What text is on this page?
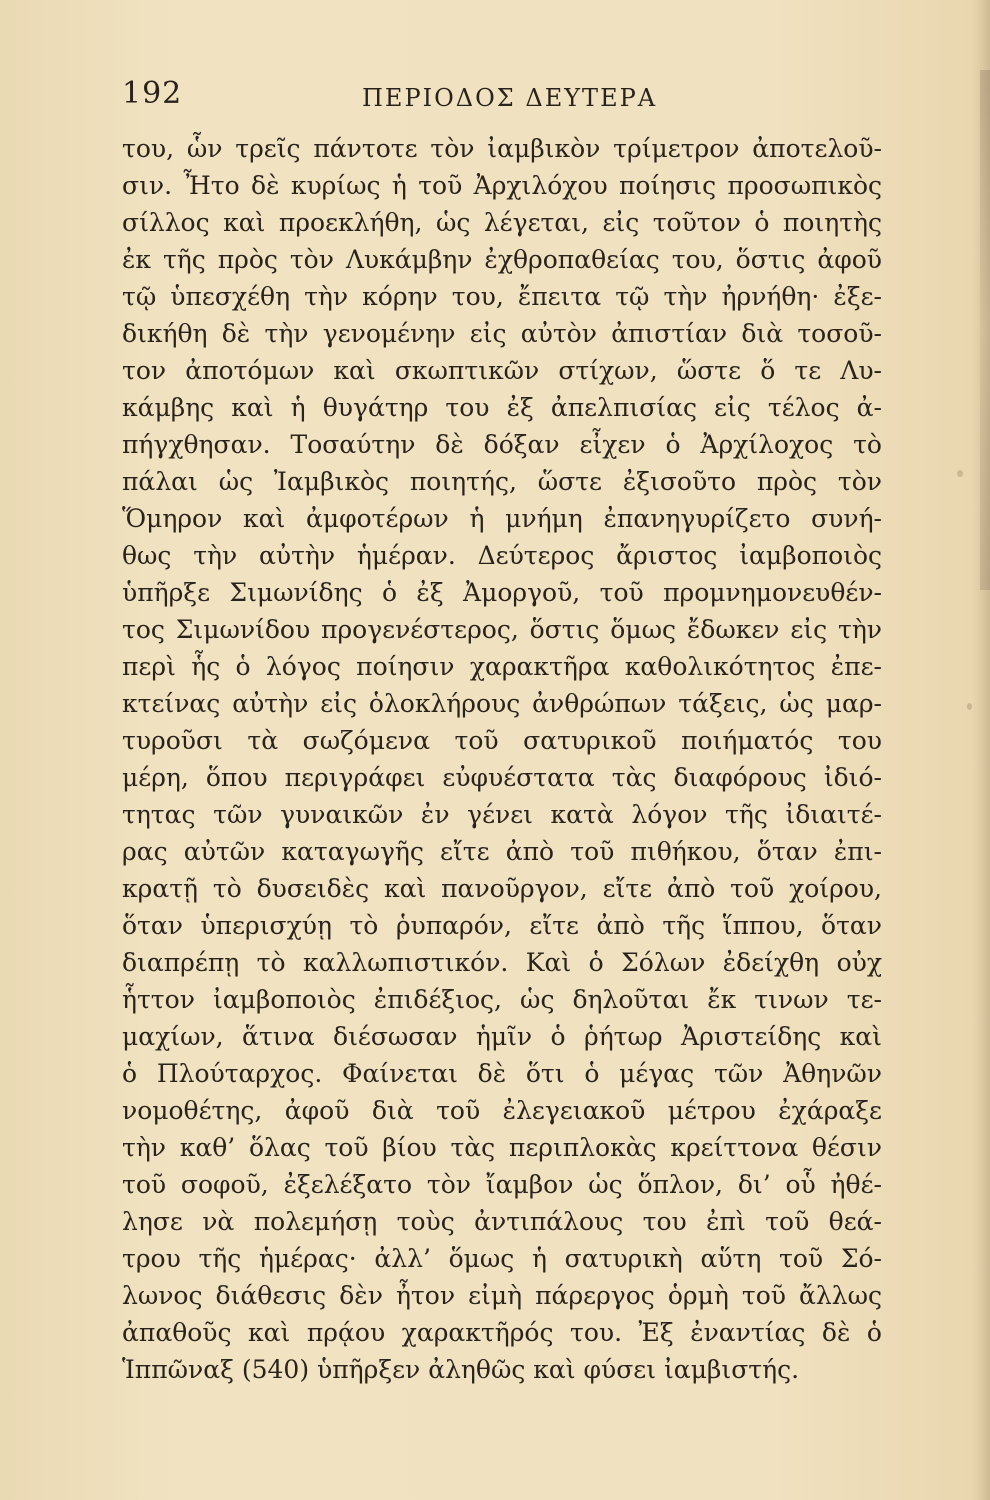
192	ΠΕΡΙΟΔΟΣ ΔΕΥΤΕΡΑ
του, ὧν τρεῖς πάντοτε τὸν ἰαμβικὸν τρίμετρον ἀποτελοῦ-
σιν. Ἦτο δὲ κυρίως ἡ τοῦ Ἀρχιλόχου ποίησις προσωπικὸς
σίλλος καὶ προεκλήθη, ὡς λέγεται, εἰς τοῦτον ὁ ποιητὴς
ἐκ τῆς πρὸς τὸν Λυκάμβην ἐχθροπαθείας του, ὅστις ἀφοῦ
τῷ ὑπεσχέθη τὴν κόρην του, ἔπειτα τῷ τὴν ἠρνήθη· ἐξε-
δικήθη δὲ τὴν γενομένην εἰς αὐτὸν ἀπιστίαν διὰ τοσοῦ-
τον ἀποτόμων καὶ σκωπτικῶν στίχων, ὥστε ὅ τε Λυ-
κάμβης καὶ ἡ θυγάτηρ του ἐξ ἀπελπισίας εἰς τέλος ἀ-
πήγχθησαν. Τοσαύτην δὲ δόξαν εἶχεν ὁ Ἀρχίλοχος τὸ
πάλαι ὡς Ἰαμβικὸς ποιητής, ὥστε ἐξισοῦτο πρὸς τὸν
Ὅμηρον καὶ ἀμφοτέρων ἡ μνήμη ἐπανηγυρίζετο συνή-
θως τὴν αὐτὴν ἡμέραν. Δεύτερος ἄριστος ἰαμβοποιὸς
ὑπῆρξε Σιμωνίδης ὁ ἐξ Ἀμοργοῦ, τοῦ προμνημονευθέν-
τος Σιμωνίδου προγενέστερος, ὅστις ὅμως ἔδωκεν εἰς τὴν
περὶ ἧς ὁ λόγος ποίησιν χαρακτῆρα καθολικότητος ἐπε-
κτείνας αὐτὴν εἰς ὁλοκλήρους ἀνθρώπων τάξεις, ὡς μαρ-
τυροῦσι τὰ σωζόμενα τοῦ σατυρικοῦ ποιήματός του
μέρη, ὅπου περιγράφει εὐφυέστατα τὰς διαφόρους ἰδιό-
τητας τῶν γυναικῶν ἐν γένει κατὰ λόγον τῆς ἰδιαιτέ-
ρας αὐτῶν καταγωγῆς εἴτε ἀπὸ τοῦ πιθήκου, ὅταν ἐπι-
κρατῇ τὸ δυσειδὲς καὶ πανοῦργον, εἴτε ἀπὸ τοῦ χοίρου,
ὅταν ὑπερισχύῃ τὸ ῥυπαρόν, εἴτε ἀπὸ τῆς ἵππου, ὅταν
διαπρέπῃ τὸ καλλωπιστικόν. Καὶ ὁ Σόλων ἐδείχθη οὐχ
ἧττον ἰαμβοποιὸς ἐπιδέξιος, ὡς δηλοῦται ἔκ τινων τε-
μαχίων, ἅτινα διέσωσαν ἡμῖν ὁ ῥήτωρ Ἀριστείδης καὶ
ὁ Πλούταρχος. Φαίνεται δὲ ὅτι ὁ μέγας τῶν Ἀθηνῶν
νομοθέτης, ἀφοῦ διὰ τοῦ ἐλεγειακοῦ μέτρου ἐχάραξε
τὴν καθ’ ὅλας τοῦ βίου τὰς περιπλοκὰς κρείττονα θέσιν
τοῦ σοφοῦ, ἐξελέξατο τὸν ἴαμβον ὡς ὅπλον, δι’ οὗ ἠθέ-
λησε νὰ πολεμήσῃ τοὺς ἀντιπάλους του ἐπὶ τοῦ θεά-
τρου τῆς ἡμέρας· ἀλλ’ ὅμως ἡ σατυρικὴ αὕτη τοῦ Σό-
λωνος διάθεσις δὲν ἦτον εἰμὴ πάρεργος ὁρμὴ τοῦ ἄλλως
ἀπαθοῦς καὶ πρᾴου χαρακτῆρός του. Ἐξ ἐναντίας δὲ ὁ
Ἱππῶναξ (540) ὑπῆρξεν ἀληθῶς καὶ φύσει ἰαμβιστής.
